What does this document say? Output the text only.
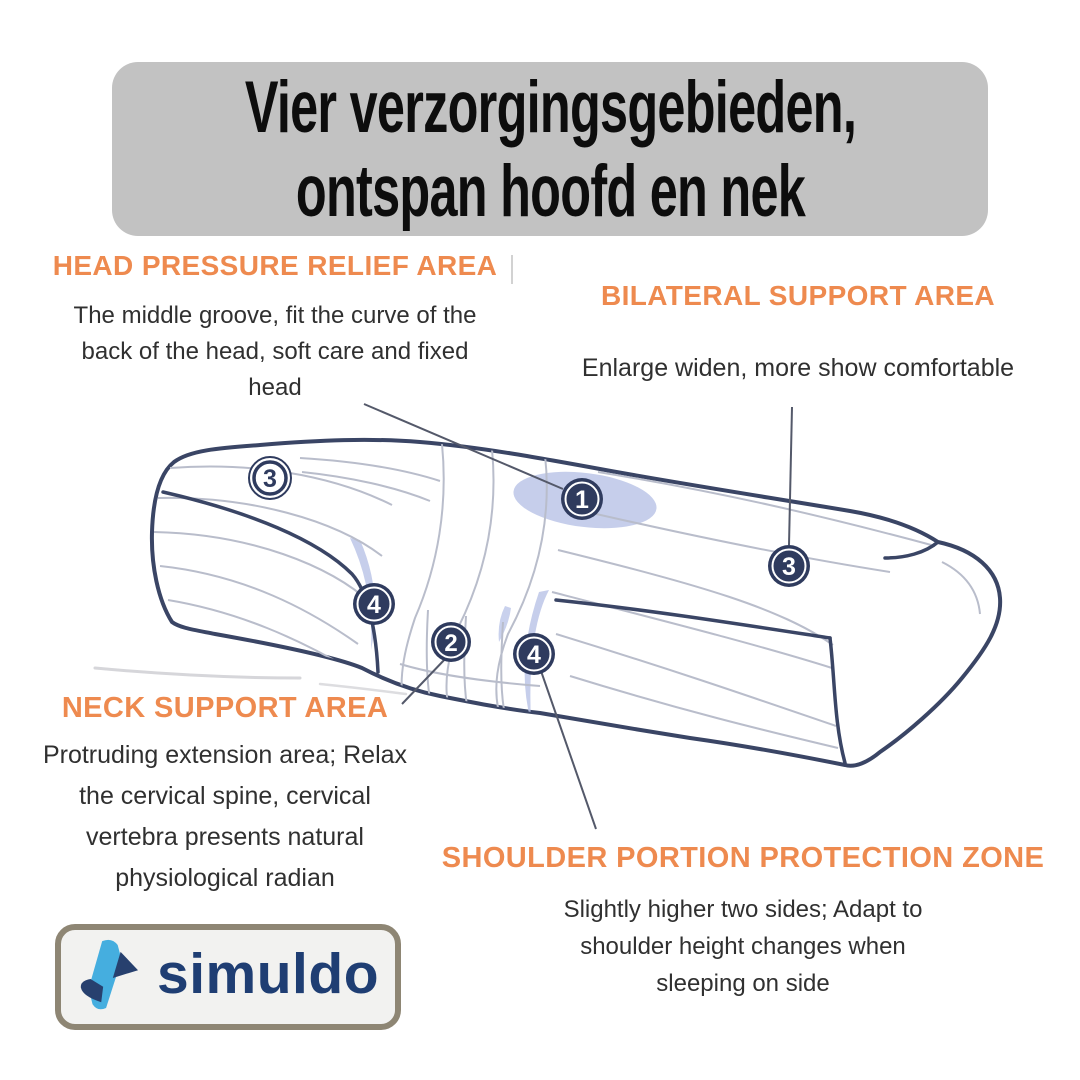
Vier verzorgingsgebieden,
ontspan hoofd en nek
3
1
3
4
2	4
HEAD PRESSURE RELIEF AREA
The middle groove, fit the curve of the
back of the head, soft care and fixed
head
BILATERAL SUPPORT AREA
Enlarge widen, more show comfortable
NECK SUPPORT AREA
Protruding extension area; Relax
the cervical spine, cervical
vertebra presents natural
physiological radian
SHOULDER PORTION PROTECTION ZONE
Slightly higher two sides; Adapt to
shoulder height changes when
sleeping on side
simuldo
